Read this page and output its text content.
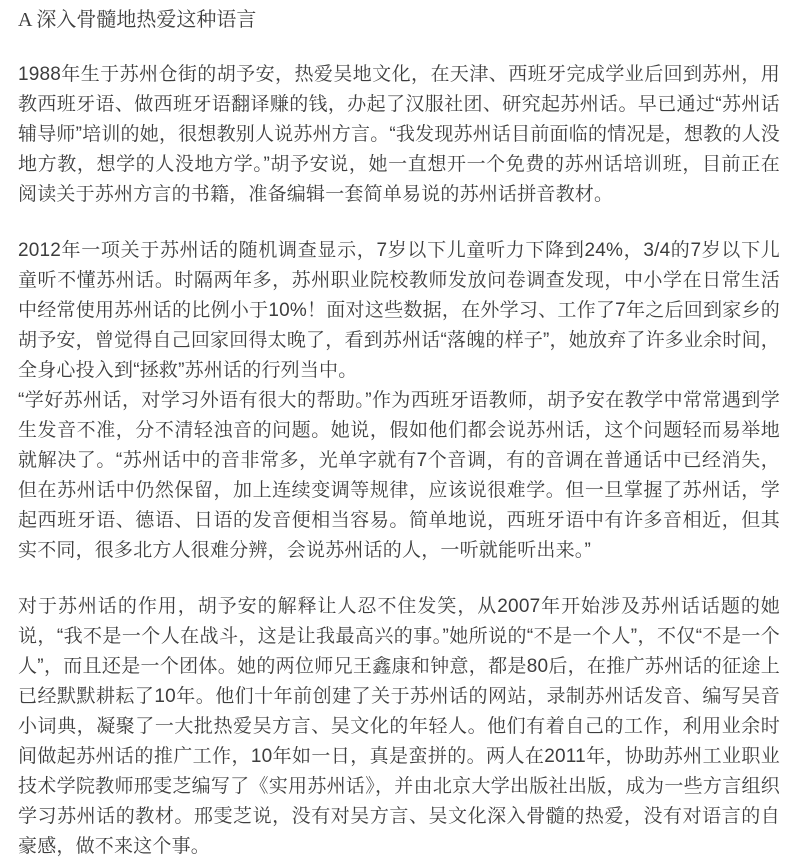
A 深入骨髓地热爱这种语言

1988年生于苏州仓街的胡予安，热爱吴地文化，在天津、西班牙完成学业后回到苏州，用教西班牙语、做西班牙语翻译赚的钱，办起了汉服社团、研究起苏州话。早已通过“苏州话辅导师”培训的她，很想教别人说苏州方言。“我发现苏州话目前面临的情况是，想教的人没地方教，想学的人没地方学。”胡予安说，她一直想开一个免费的苏州话培训班，目前正在阅读关于苏州方言的书籍，准备编辑一套简单易说的苏州话拼音教材。

2012年一项关于苏州话的随机调查显示，7岁以下儿童听力下降到24%，3/4的7岁以下儿童听不懂苏州话。时隔两年多，苏州职业院校教师发放问卷调查发现，中小学在日常生活中经常使用苏州话的比例小于10%！面对这些数据，在外学习、工作了7年之后回到家乡的胡予安，曾觉得自己回家回得太晚了，看到苏州话“落魄的样子”，她放弃了许多业余时间，全身心投入到“拯救”苏州话的行列当中。

“学好苏州话，对学习外语有很大的帮助。”作为西班牙语教师，胡予安在教学中常常遇到学生发音不准，分不清轻浊音的问题。她说，假如他们都会说苏州话，这个问题轻而易举地就解决了。“苏州话中的音非常多，光单字就有7个音调，有的音调在普通话中已经消失，但在苏州话中仍然保留，加上连续变调等规律，应该说很难学。但一旦掌握了苏州话，学起西班牙语、德语、日语的发音便相当容易。简单地说，西班牙语中有许多音相近，但其实不同，很多北方人很难分辨，会说苏州话的人，一听就能听出来。”

对于苏州话的作用，胡予安的解释让人忍不住发笑，从2007年开始涉及苏州话话题的她说，“我不是一个人在战斗，这是让我最高兴的事。”她所说的“不是一个人”，不仅“不是一个人”，而且还是一个团体。她的两位师兄王鑫康和钟意，都是80后，在推广苏州话的征途上已经默默耕耘了10年。他们十年前创建了关于苏州话的网站，录制苏州话发音、编写吴音小词典，凝聚了一大批热爱吴方言、吴文化的年轻人。他们有着自己的工作，利用业余时间做起苏州话的推广工作，10年如一日，真是蛮拼的。两人在2011年，协助苏州工业职业技术学院教师邢雯芝编写了《实用苏州话》，并由北京大学出版社出版，成为一些方言组织学习苏州话的教材。邢雯芝说，没有对吴方言、吴文化深入骨髓的热爱，没有对语言的自豪感，做不来这个事。
